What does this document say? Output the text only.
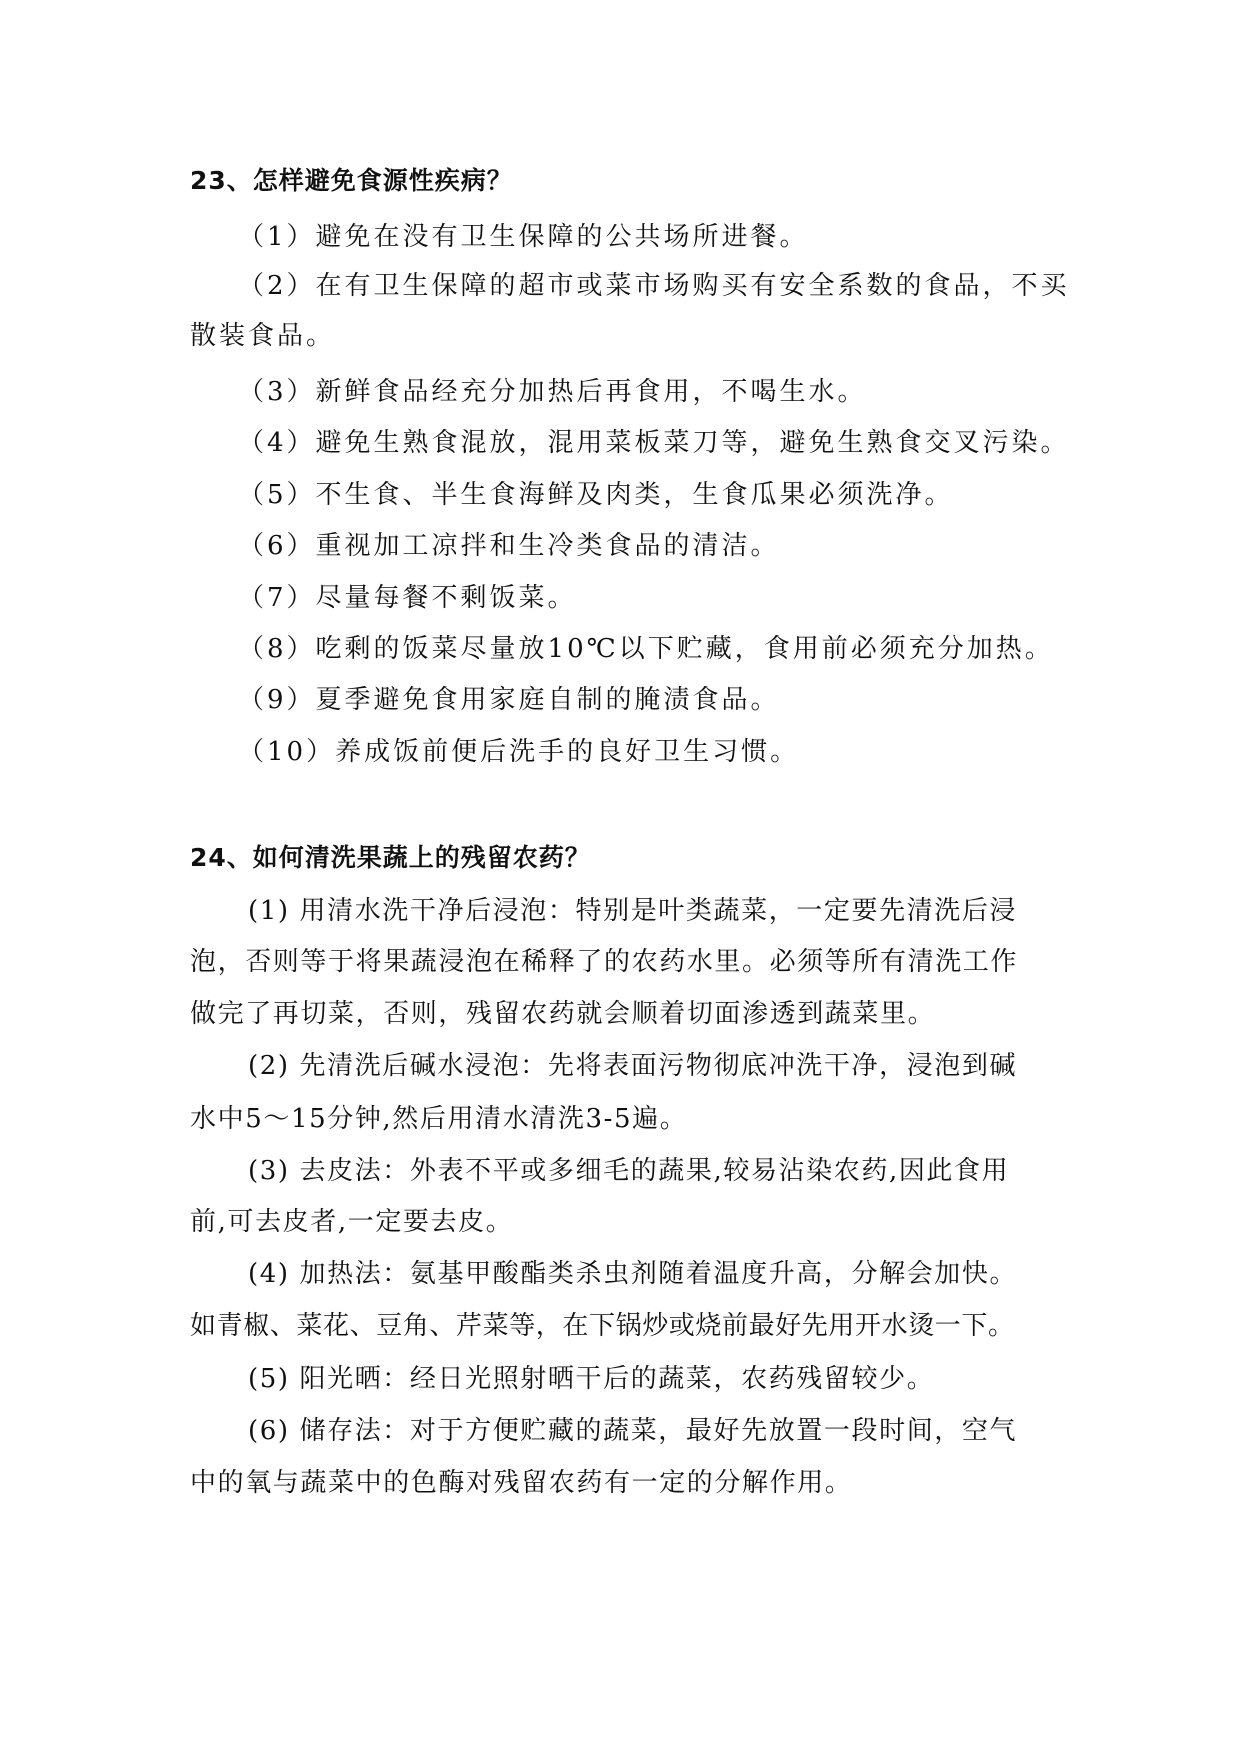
23、怎样避免食源性疾病？
（1）避免在没有卫生保障的公共场所进餐。
（2）在有卫生保障的超市或菜市场购买有安全系数的食品，不买
散装食品。
（3）新鲜食品经充分加热后再食用，不喝生水。
（4）避免生熟食混放，混用菜板菜刀等，避免生熟食交叉污染。
（5）不生食、半生食海鲜及肉类，生食瓜果必须洗净。
（6）重视加工凉拌和生冷类食品的清洁。
（7）尽量每餐不剩饭菜。
（8）吃剩的饭菜尽量放10℃以下贮藏，食用前必须充分加热。
（9）夏季避免食用家庭自制的腌渍食品。
（10）养成饭前便后洗手的良好卫生习惯。
24、如何清洗果蔬上的残留农药？
(1) 用清水洗干净后浸泡：特别是叶类蔬菜，一定要先清洗后浸
泡，否则等于将果蔬浸泡在稀释了的农药水里。必须等所有清洗工作
做完了再切菜，否则，残留农药就会顺着切面渗透到蔬菜里。
(2) 先清洗后碱水浸泡：先将表面污物彻底冲洗干净，浸泡到碱
水中5～15分钟,然后用清水清洗3-5遍。
(3) 去皮法：外表不平或多细毛的蔬果,较易沾染农药,因此食用
前,可去皮者,一定要去皮。
(4) 加热法：氨基甲酸酯类杀虫剂随着温度升高，分解会加快。
如青椒、菜花、豆角、芹菜等，在下锅炒或烧前最好先用开水烫一下。
(5) 阳光晒：经日光照射晒干后的蔬菜，农药残留较少。
(6) 储存法：对于方便贮藏的蔬菜，最好先放置一段时间，空气
中的氧与蔬菜中的色酶对残留农药有一定的分解作用。
